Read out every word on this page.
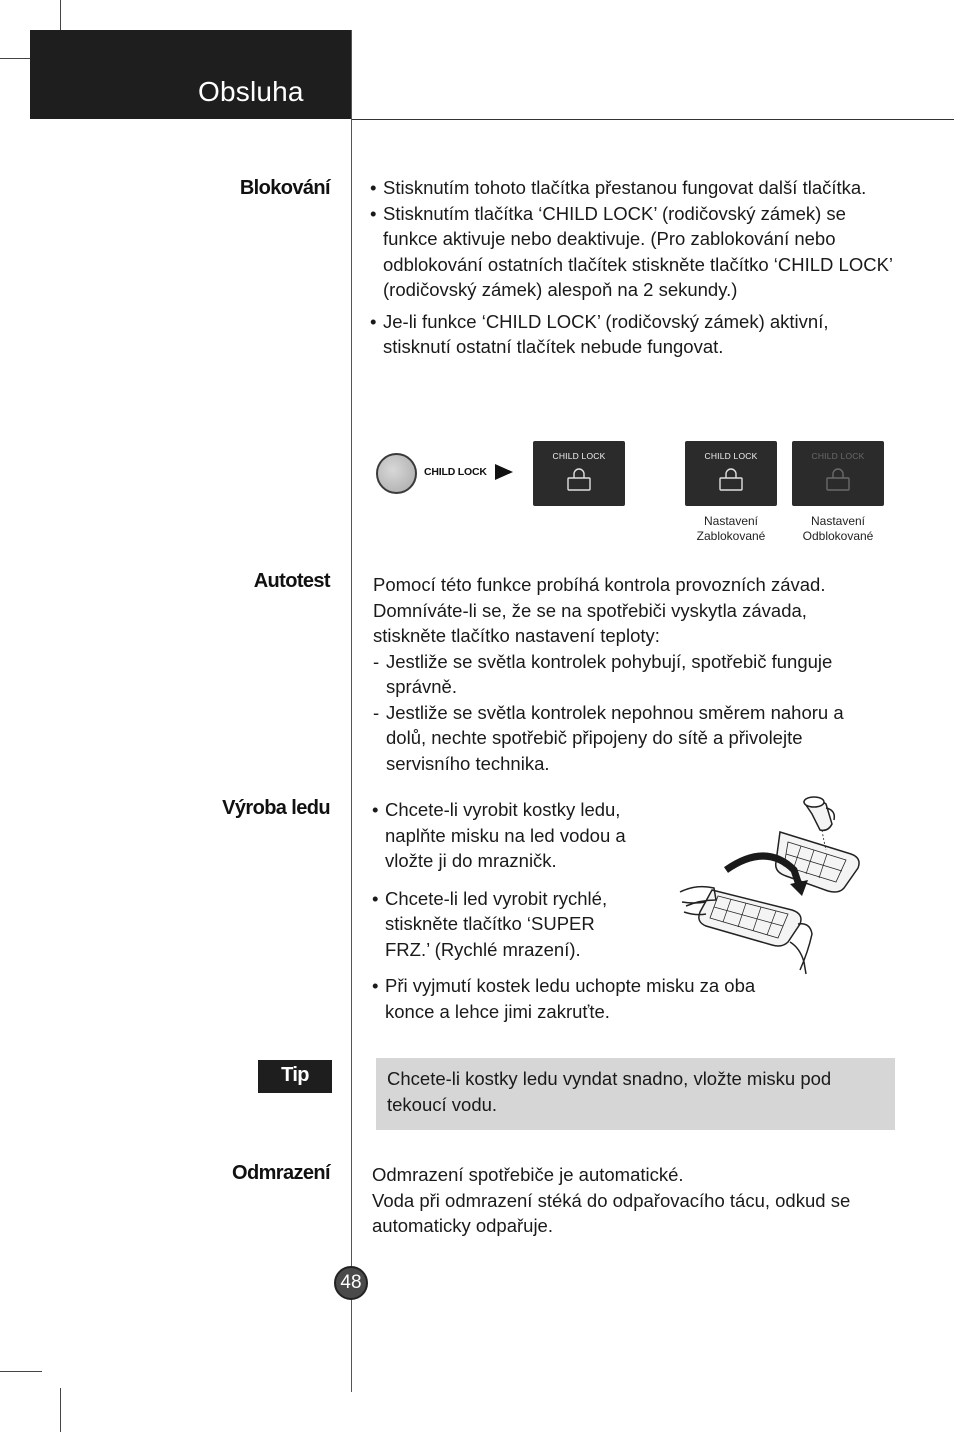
Obsluha
Blokování	• Stisknutím tohoto tlačítka přestanou fungovat další tlačítka.
• Stisknutím tlačítka ‘CHILD LOCK’ (rodičovský zámek) se funkce aktivuje nebo deaktivuje. (Pro zablokování nebo odblokování ostatních tlačítek stiskněte tlačítko ‘CHILD LOCK’ (rodičovský zámek) alespoň na 2 sekundy.)
• Je-li funkce ‘CHILD LOCK’ (rodičovský zámek) aktivní, stisknutí ostatní tlačítek nebude fungovat.
CHILD LOCK
CHILD LOCK	CHILD LOCK	CHILD LOCK
Nastavení
Zablokované
Nastavení
Odblokované
Autotest Pomocí této funkce probíhá kontrola provozních závad.
Domníváte-li se, že se na spotřebiči vyskytla závada,
stiskněte tlačítko nastavení teploty:
- Jestliže se světla kontrolek pohybují, spotřebič funguje správně.
- Jestliže se světla kontrolek nepohnou směrem nahoru a dolů, nechte spotřebič připojeny do sítě a přivolejte servisního technika.
Výroba ledu	• Chcete-li vyrobit kostky ledu, naplňte misku na led vodou a vložte ji do mrazničk.
• Chcete-li led vyrobit rychlé, stiskněte tlačítko ‘SUPER FRZ.’ (Rychlé mrazení).
• Při vyjmutí kostek ledu uchopte misku za oba konce a lehce jimi zakruťte.
Tip	Chcete-li kostky ledu vyndat snadno, vložte misku pod tekoucí vodu.
Odmrazení Odmrazení spotřebiče je automatické.
Voda při odmrazení stéká do odpařovacího tácu, odkud se automaticky odpařuje.
48
